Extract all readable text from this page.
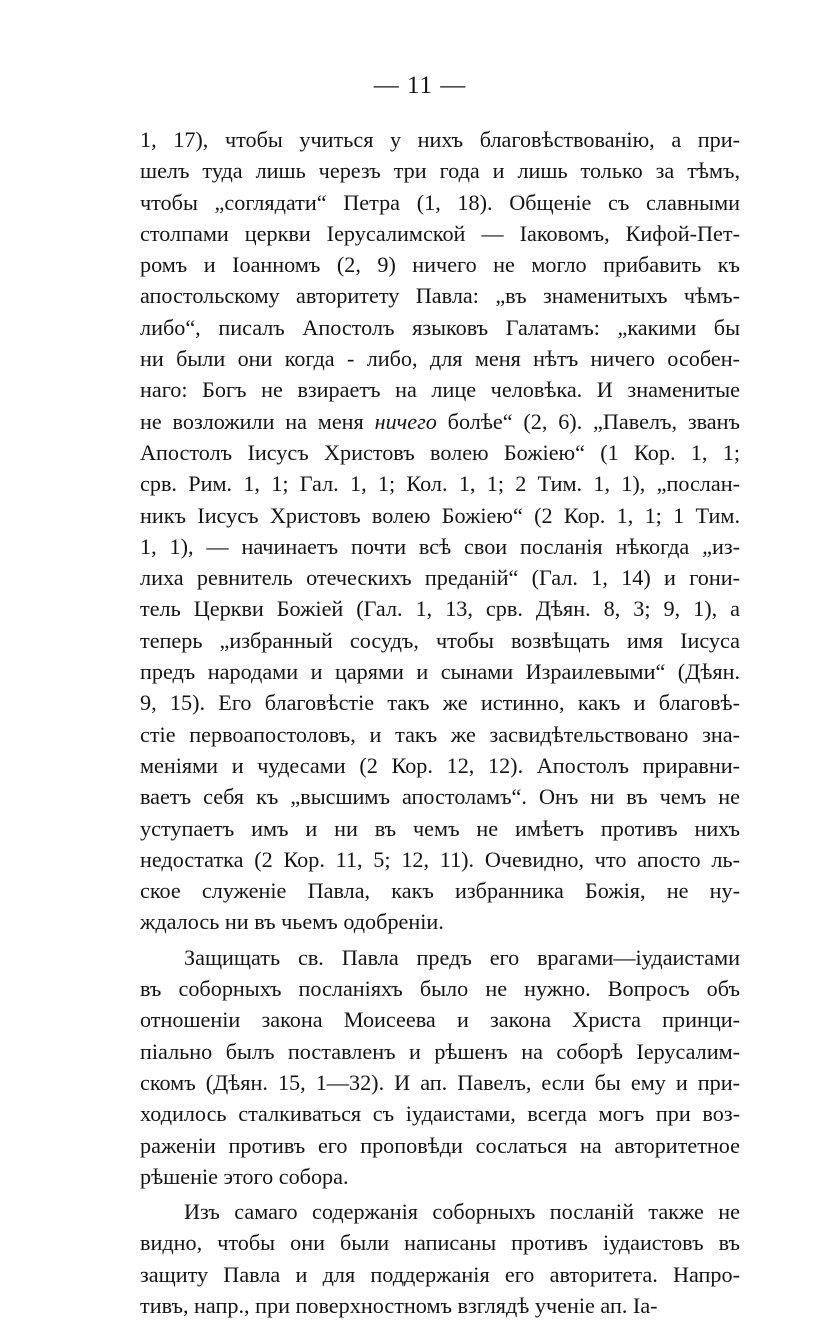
— 11 —
1, 17), чтобы учиться у нихъ благовѣствованію, а при-
шелъ туда лишь черезъ три года и лишь только за тѣмъ,
чтобы „соглядати“ Петра (1, 18). Общеніе съ славными
столпами церкви Іерусалимской — Іаковомъ, Кифой-Пет-
ромъ и Іоанномъ (2, 9) ничего не могло прибавить къ
апостольскому авторитету Павла: „въ знаменитыхъ чѣмъ-
либо“, писалъ Апостолъ языковъ Галатамъ: „какими бы
ни были они когда - либо, для меня нѣтъ ничего особен-
наго: Богъ не взираетъ на лице человѣка. И знаменитые
не возложили на меня ничего болѣе“ (2, 6). „Павелъ, званъ
Апостолъ Іисусъ Христовъ волею Божіею“ (1 Кор. 1, 1;
срв. Рим. 1, 1; Гал. 1, 1; Кол. 1, 1; 2 Тим. 1, 1), „послан-
никъ Іисусъ Христовъ волею Божіею“ (2 Кор. 1, 1; 1 Тим.
1, 1), — начинаетъ почти всѣ свои посланія нѣкогда „из-
лиха ревнитель отеческихъ преданій“ (Гал. 1, 14) и гони-
тель Церкви Божіей (Гал. 1, 13, срв. Дѣян. 8, 3; 9, 1), а
теперь „избранный сосудъ, чтобы возвѣщать имя Іисуса
предъ народами и царями и сынами Израилевыми“ (Дѣян.
9, 15). Его благовѣстіе такъ же истинно, какъ и благовѣ-
стіе первоапостоловъ, и такъ же засвидѣтельствовано зна-
меніями и чудесами (2 Кор. 12, 12). Апостолъ приравни-
ваетъ себя къ „высшимъ апостоламъ“. Онъ ни въ чемъ не
уступаетъ имъ и ни въ чемъ не имѣетъ противъ нихъ
недостатка (2 Кор. 11, 5; 12, 11). Очевидно, что апосто ль-
ское служеніе Павла, какъ избранника Божія, не ну-
ждалось ни въ чьемъ одобреніи.
Защищать св. Павла предъ его врагами—іудаистами
въ соборныхъ посланіяхъ было не нужно. Вопросъ объ
отношеніи закона Моисеева и закона Христа принци-
піально былъ поставленъ и рѣшенъ на соборѣ Іерусалим-
скомъ (Дѣян. 15, 1—32). И ап. Павелъ, если бы ему и при-
ходилось сталкиваться съ іудаистами, всегда могъ при воз-
раженіи противъ его проповѣди сослаться на авторитетное
рѣшеніе этого собора.
Изъ самаго содержанія соборныхъ посланій также не
видно, чтобы они были написаны противъ іудаистовъ въ
защиту Павла и для поддержанія его авторитета. Напро-
тивъ, напр., при поверхностномъ взглядѣ ученіе ап. Іа-
